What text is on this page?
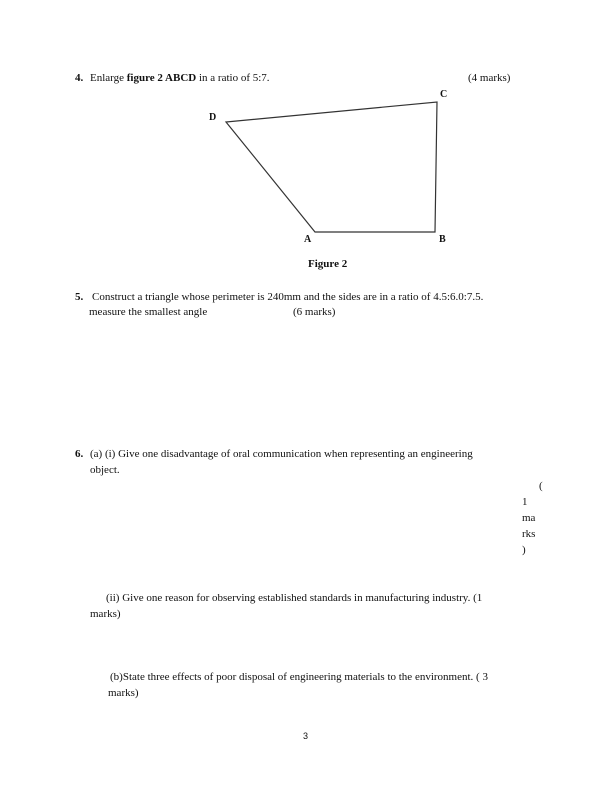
4. Enlarge figure 2 ABCD in a ratio of 5:7.	(4 marks)
D
C
A	B
Figure 2
5. Construct a triangle whose perimeter is 240mm and the sides are in a ratio of 4.5:6.0:7.5.
measure the smallest angle	(6 marks)
6. (a) (i) Give one disadvantage of oral communication when representing an engineering
object.
(
1
ma
rks
)
(ii) Give one reason for observing established standards in manufacturing industry. (1
marks)
(b)State three effects of poor disposal of engineering materials to the environment. ( 3
marks)
3
